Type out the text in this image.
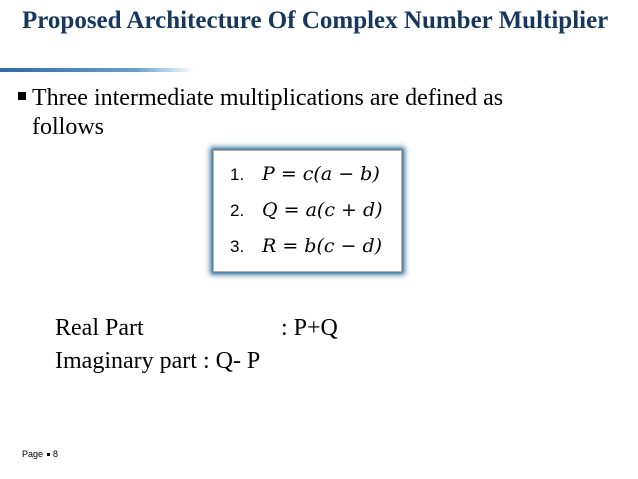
Proposed Architecture Of Complex Number Multiplier
Three intermediate multiplications are defined as
follows
1. P = c(a − b)
2. Q = a(c + d)
3. R = b(c − d)
Real Part	: P+Q
Imaginary part : Q- P
Page 8
